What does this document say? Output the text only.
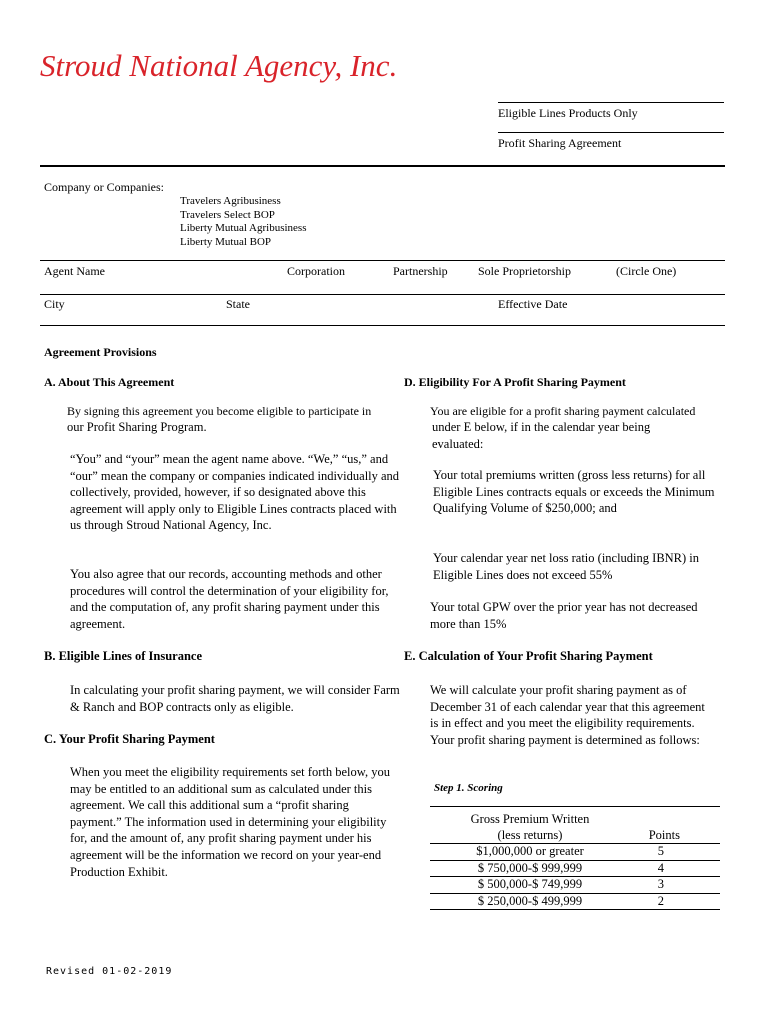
Stroud National Agency, Inc.
Eligible Lines Products Only
Profit Sharing Agreement
Company or Companies:
Travelers Agribusiness
Travelers Select BOP
Liberty Mutual Agribusiness
Liberty Mutual BOP
Agent Name	Corporation	Partnership	Sole Proprietorship	(Circle One)
City	State	Effective Date
Agreement Provisions
A. About This Agreement
By signing this agreement you become eligible to participate in
our Profit Sharing Program.
“You” and “your” mean the agent name above. “We,” “us,” and “our” mean the company or companies indicated individually and collectively, provided, however, if so designated above this agreement will apply only to Eligible Lines contracts placed with us through Stroud National Agency, Inc.
You also agree that our records, accounting methods and other procedures will control the determination of your eligibility for, and the computation of, any profit sharing payment under this agreement.
B. Eligible Lines of Insurance
In calculating your profit sharing payment, we will consider Farm & Ranch and BOP contracts only as eligible.
C. Your Profit Sharing Payment
When you meet the eligibility requirements set forth below, you may be entitled to an additional sum as calculated under this agreement. We call this additional sum a “profit sharing payment.” The information used in determining your eligibility for, and the amount of, any profit sharing payment under his agreement will be the information we record on your year-end Production Exhibit.
D. Eligibility For A Profit Sharing Payment
You are eligible for a profit sharing payment calculated
under E below, if in the calendar year being evaluated:
Your total premiums written (gross less returns) for all Eligible Lines contracts equals or exceeds the Minimum Qualifying Volume of $250,000; and
Your calendar year net loss ratio (including IBNR) in Eligible Lines does not exceed 55%
Your total GPW over the prior year has not decreased more than 15%
E. Calculation of Your Profit Sharing Payment
We will calculate your profit sharing payment as of December 31 of each calendar year that this agreement is in effect and you meet the eligibility requirements. Your profit sharing payment is determined as follows:
Step 1. Scoring
Gross Premium Written	
(less returns)	Points
$1,000,000 or greater	5
$ 750,000-$ 999,999	4
$ 500,000-$ 749,999	3
$ 250,000-$ 499,999	2
Revised 01-02-2019
